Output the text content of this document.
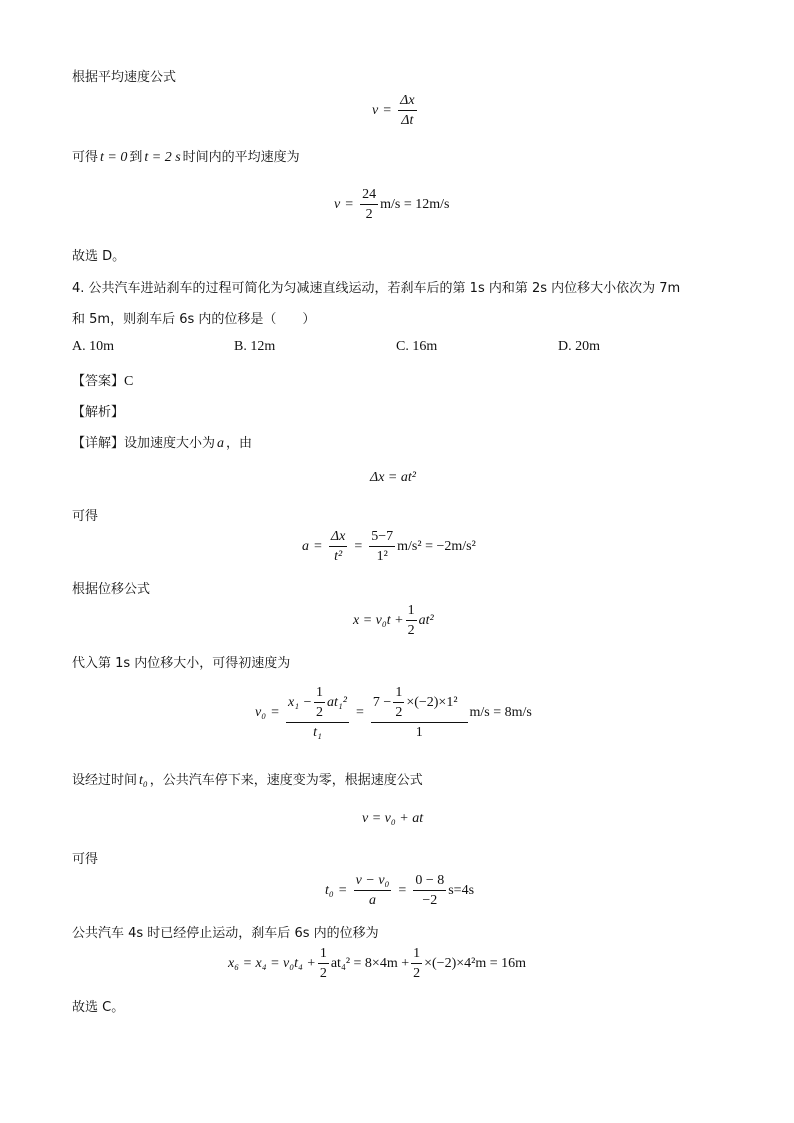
根据平均速度公式
$v = \frac{\Delta x}{\Delta t}$
可得 t = 0 到 t = 2 s 时间内的平均速度为
$v = \frac{24}{2} m/s = 12m/s$
故选 D。
4. 公共汽车进站刹车的过程可简化为匀减速直线运动，若刹车后的第 1s 内和第 2s 内位移大小依次为 7m
和 5m，则刹车后 6s 内的位移是（　　）
A. 10m	B. 12m	C. 16m	D. 20m
【答案】C
【解析】
【详解】设加速度大小为 a ，由
Δx = at²
可得
$a = \frac{\Delta x}{\text{t²}} = \frac{5-7}{\text{1²}} m/s^2 = -2m/s^2$
根据位移公式
$x = v_0t + \frac{1}{2} at^2$
代入第 1s 内位移大小，可得初速度为
$v_0 = \frac{x_1 - \frac{1}{2} at_1^2}{\text{t₁}} = \frac{7 - \frac{1}{2} \times(-2)\times 1^2}{1} m/s = 8m/s$
设经过时间 t₀ ，公共汽车停下来，速度变为零，根据速度公式
v = v₀ + at
可得
$t_0 = \frac{\text{v − v₀}}{a} = \frac{0 - 8}{-2} s=4s$
公共汽车 4s 时已经停止运动，刹车后 6s 内的位移为
$x_6 = x_4 = v_0t_4 + \frac{1}{2} at_4^2 = 8\times 4m + \frac{1}{2} \times(-2)\times 4^2m = 16m$
故选 C。
